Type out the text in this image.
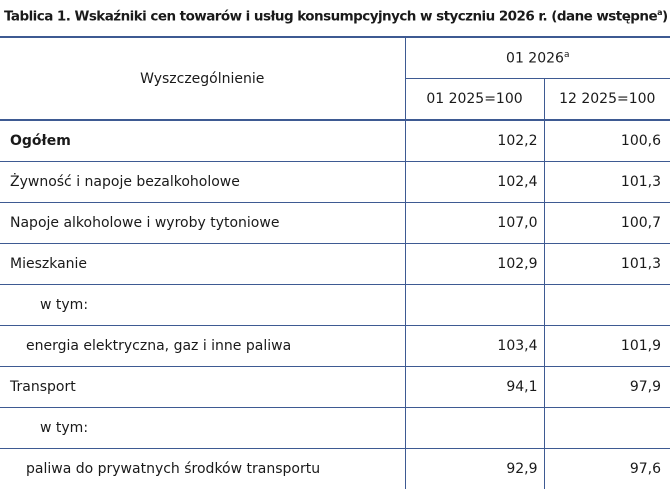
Tablica 1. Wskaźniki cen towarów i usług konsumpcyjnych w styczniu 2026 r. (dane wstępne$^a$)
Wyszczególnienie	01 2026$^a$
	01 2025=100	12 2025=100
Ogółem	102,2	100,6
Żywność i napoje bezalkoholowe	102,4	101,3
Napoje alkoholowe i wyroby tytoniowe	107,0	100,7
Mieszkanie	102,9	101,3
w tym:		
energia elektryczna, gaz i inne paliwa	103,4	101,9
Transport	94,1	97,9
w tym:		
paliwa do prywatnych środków transportu	92,9	97,6
